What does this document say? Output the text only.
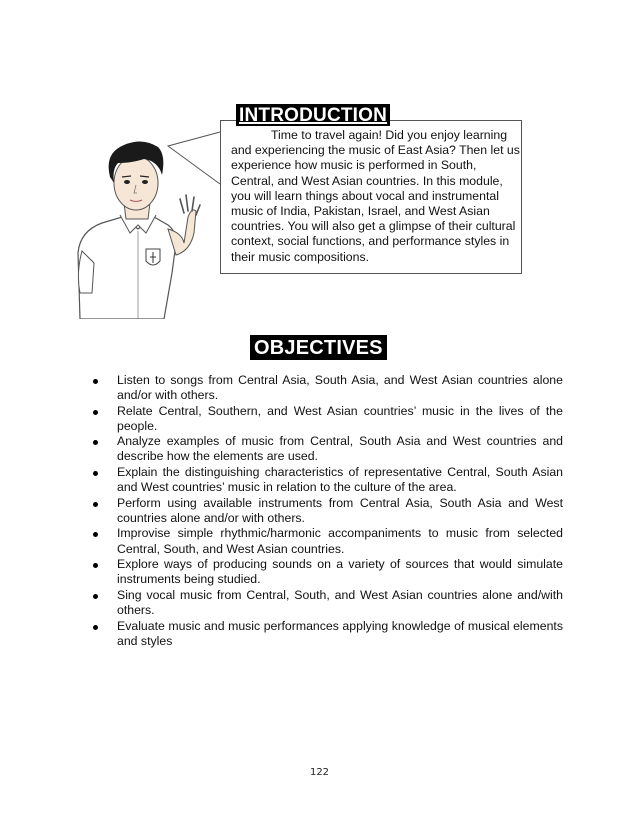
INTRODUCTION
Time to travel again! Did you enjoy learning and experiencing the music of East Asia? Then let us experience how music is performed in South, Central, and West Asian countries. In this module, you will learn things about vocal and instrumental music of India, Pakistan, Israel, and West Asian countries. You will also get a glimpse of their cultural context, social functions, and performance styles in their music compositions.
OBJECTIVES
Listen to songs from Central Asia, South Asia, and West Asian countries alone and/or with others.
Relate Central, Southern, and West Asian countries’ music in the lives of the people.
Analyze examples of music from Central, South Asia and West countries and describe how the elements are used.
Explain the distinguishing characteristics of representative Central, South Asian and West countries’ music in relation to the culture of the area.
Perform using available instruments from Central Asia, South Asia and West countries alone and/or with others.
Improvise simple rhythmic/harmonic accompaniments to music from selected Central, South, and West Asian countries.
Explore ways of producing sounds on a variety of sources that would simulate instruments being studied.
Sing vocal music from Central, South, and West Asian countries alone and/with others.
Evaluate music and music performances applying knowledge of musical elements and styles
122
